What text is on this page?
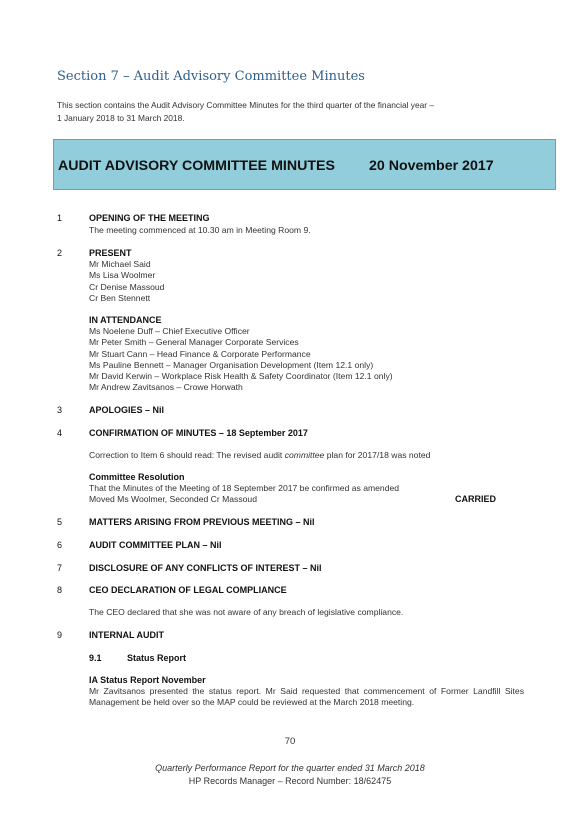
Section 7 – Audit Advisory Committee Minutes
This section contains the Audit Advisory Committee Minutes for the third quarter of the financial year –
1 January 2018 to 31 March 2018.
AUDIT ADVISORY COMMITTEE MINUTES 20 November 2017
1	OPENING OF THE MEETING
The meeting commenced at 10.30 am in Meeting Room 9.
2	PRESENT
Mr Michael Said
Ms Lisa Woolmer
Cr Denise Massoud
Cr Ben Stennett
IN ATTENDANCE
Ms Noelene Duff – Chief Executive Officer
Mr Peter Smith – General Manager Corporate Services
Mr Stuart Cann – Head Finance & Corporate Performance
Ms Pauline Bennett – Manager Organisation Development (Item 12.1 only)
Mr David Kerwin – Workplace Risk Health & Safety Coordinator (Item 12.1 only)
Mr Andrew Zavitsanos – Crowe Horwath
3	APOLOGIES – Nil
4	CONFIRMATION OF MINUTES – 18 September 2017
Correction to Item 6 should read: The revised audit committee plan for 2017/18 was noted
Committee Resolution
That the Minutes of the Meeting of 18 September 2017 be confirmed as amended
Moved Ms Woolmer, Seconded Cr Massoud	CARRIED
5	MATTERS ARISING FROM PREVIOUS MEETING – Nil
6	AUDIT COMMITTEE PLAN – Nil
7	DISCLOSURE OF ANY CONFLICTS OF INTEREST – Nil
8	CEO DECLARATION OF LEGAL COMPLIANCE
The CEO declared that she was not aware of any breach of legislative compliance.
9	INTERNAL AUDIT
9.1	Status Report
IA Status Report November
Mr Zavitsanos presented the status report. Mr Said requested that commencement of Former Landfill Sites Management be held over so the MAP could be reviewed at the March 2018 meeting.
70
Quarterly Performance Report for the quarter ended 31 March 2018
HP Records Manager – Record Number: 18/62475
